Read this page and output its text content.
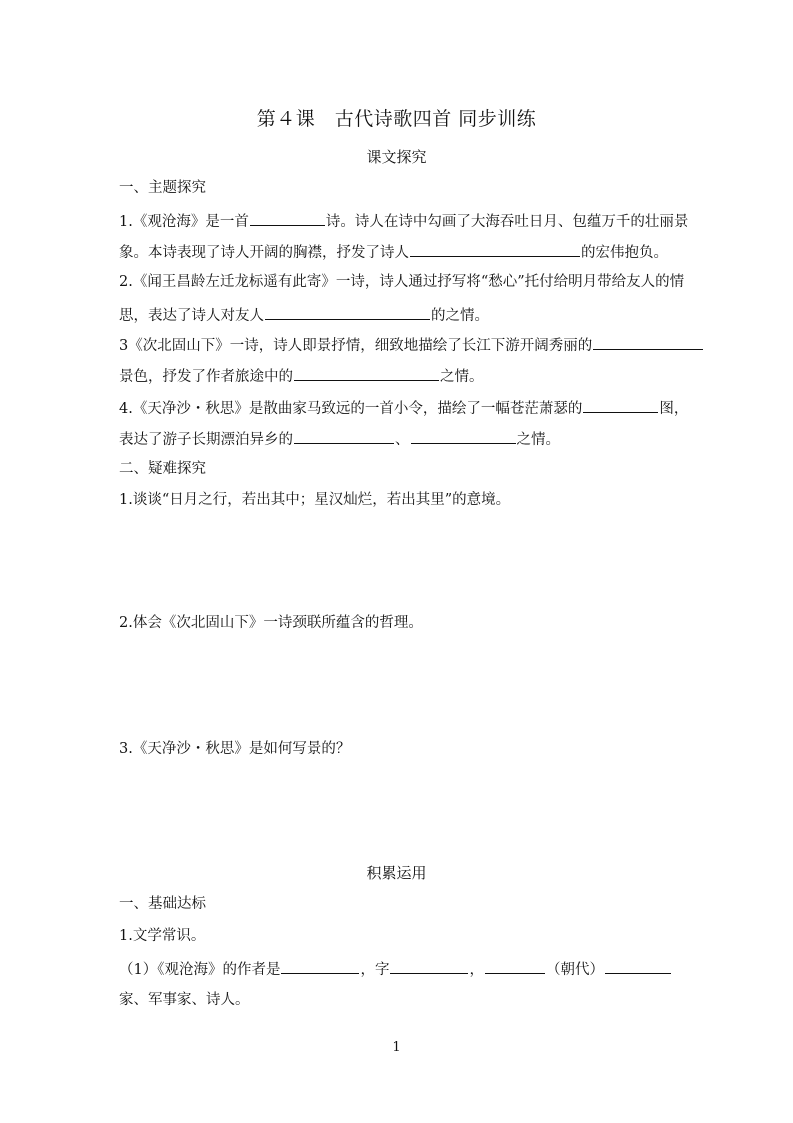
第４课　古代诗歌四首 同步训练
课文探究
一、主题探究
1.《观沧海》是一首	诗。诗人在诗中勾画了大海吞吐日月、包蕴万千的壮丽景
象。本诗表现了诗人开阔的胸襟，抒发了诗人	的宏伟抱负。
2.《闻王昌龄左迁龙标遥有此寄》一诗，诗人通过抒写将“愁心”托付给明月带给友人的情
思，表达了诗人对友人	的之情。
3《次北固山下》一诗，诗人即景抒情，细致地描绘了长江下游开阔秀丽的
景色，抒发了作者旅途中的	之情。
4.《天净沙・秋思》是散曲家马致远的一首小令，描绘了一幅苍茫萧瑟的	图，
表达了游子长期漂泊异乡的	、	之情。
二、疑难探究
1.谈谈“日月之行，若出其中；星汉灿烂，若出其里”的意境。
2.体会《次北固山下》一诗颈联所蕴含的哲理。
3.《天净沙・秋思》是如何写景的？
积累运用
一、基础达标
1.文学常识。
（1）《观沧海》的作者是	，字	，	（朝代）
家、军事家、诗人。
1
